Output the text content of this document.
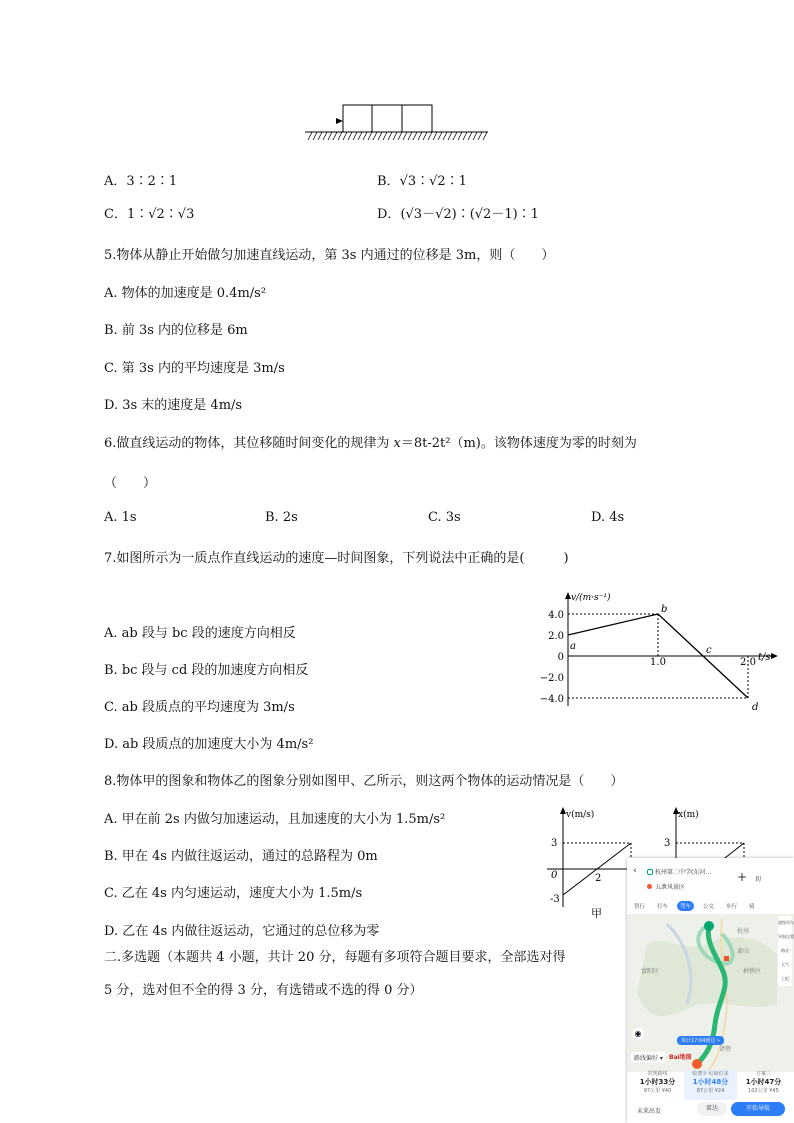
A．3∶2∶1	B．√3∶√2∶1
C．1∶√2∶√3	D．(√3－√2)∶(√2－1)∶1
5.物体从静止开始做匀加速直线运动，第 3s 内通过的位移是 3m，则（　　）
A. 物体的加速度是 0.4m/s²
B. 前 3s 内的位移是 6m
C. 第 3s 内的平均速度是 3m/s
D. 3s 末的速度是 4m/s
6.做直线运动的物体，其位移随时间变化的规律为 x＝8t-2t²（m)。该物体速度为零的时刻为
（　　）
A. 1s	B. 2s	C. 3s	D. 4s
7.如图所示为一质点作直线运动的速度—时间图象，下列说法中正确的是(　　　)
A. ab 段与 bc 段的速度方向相反
B. bc 段与 cd 段的加速度方向相反
C. ab 段质点的平均速度为 3m/s
D. ab 段质点的加速度大小为 4m/s²
v/(m·s⁻¹)
t/s
4.0
2.0
0
−2.0
−4.0
1.0	2.0
a
b
c
d
8.物体甲的图象和物体乙的图象分别如图甲、乙所示，则这两个物体的运动情况是（　　）
A. 甲在前 2s 内做匀加速运动，且加速度的大小为 1.5m/s²
B. 甲在 4s 内做往返运动，通过的总路程为 0m
C. 乙在 4s 内匀速运动，速度大小为 1.5m/s
D. 乙在 4s 内做往返运动，它通过的总位移为零
v(m/s)
3
0
-3
2
甲
x(m)
3
二.多选题（本题共 4 小题，共计 20 分，每题有多项符合题目要求，全部选对得
5 分，选对但不全的得 3 分，有选错或不选的得 0 分）
‹	杭州第二中学(东河…
五泄风景区
+ 切
智行	打车	驾车	公交	步行	骑
杭州
富阳区
萧山
柯桥区
诸暨
超级用车
导航设置
路况
天气
上报
◉
预计17:04到达 »
路线偏好 ▾	Bai地图
常规路线
1小时33分
97公里 ¥40
收费少 红绿灯多
1小时48分
87公里 ¥24
方案三
1小时47分
102公里 ¥45
未来出发	雷达	开始导航
